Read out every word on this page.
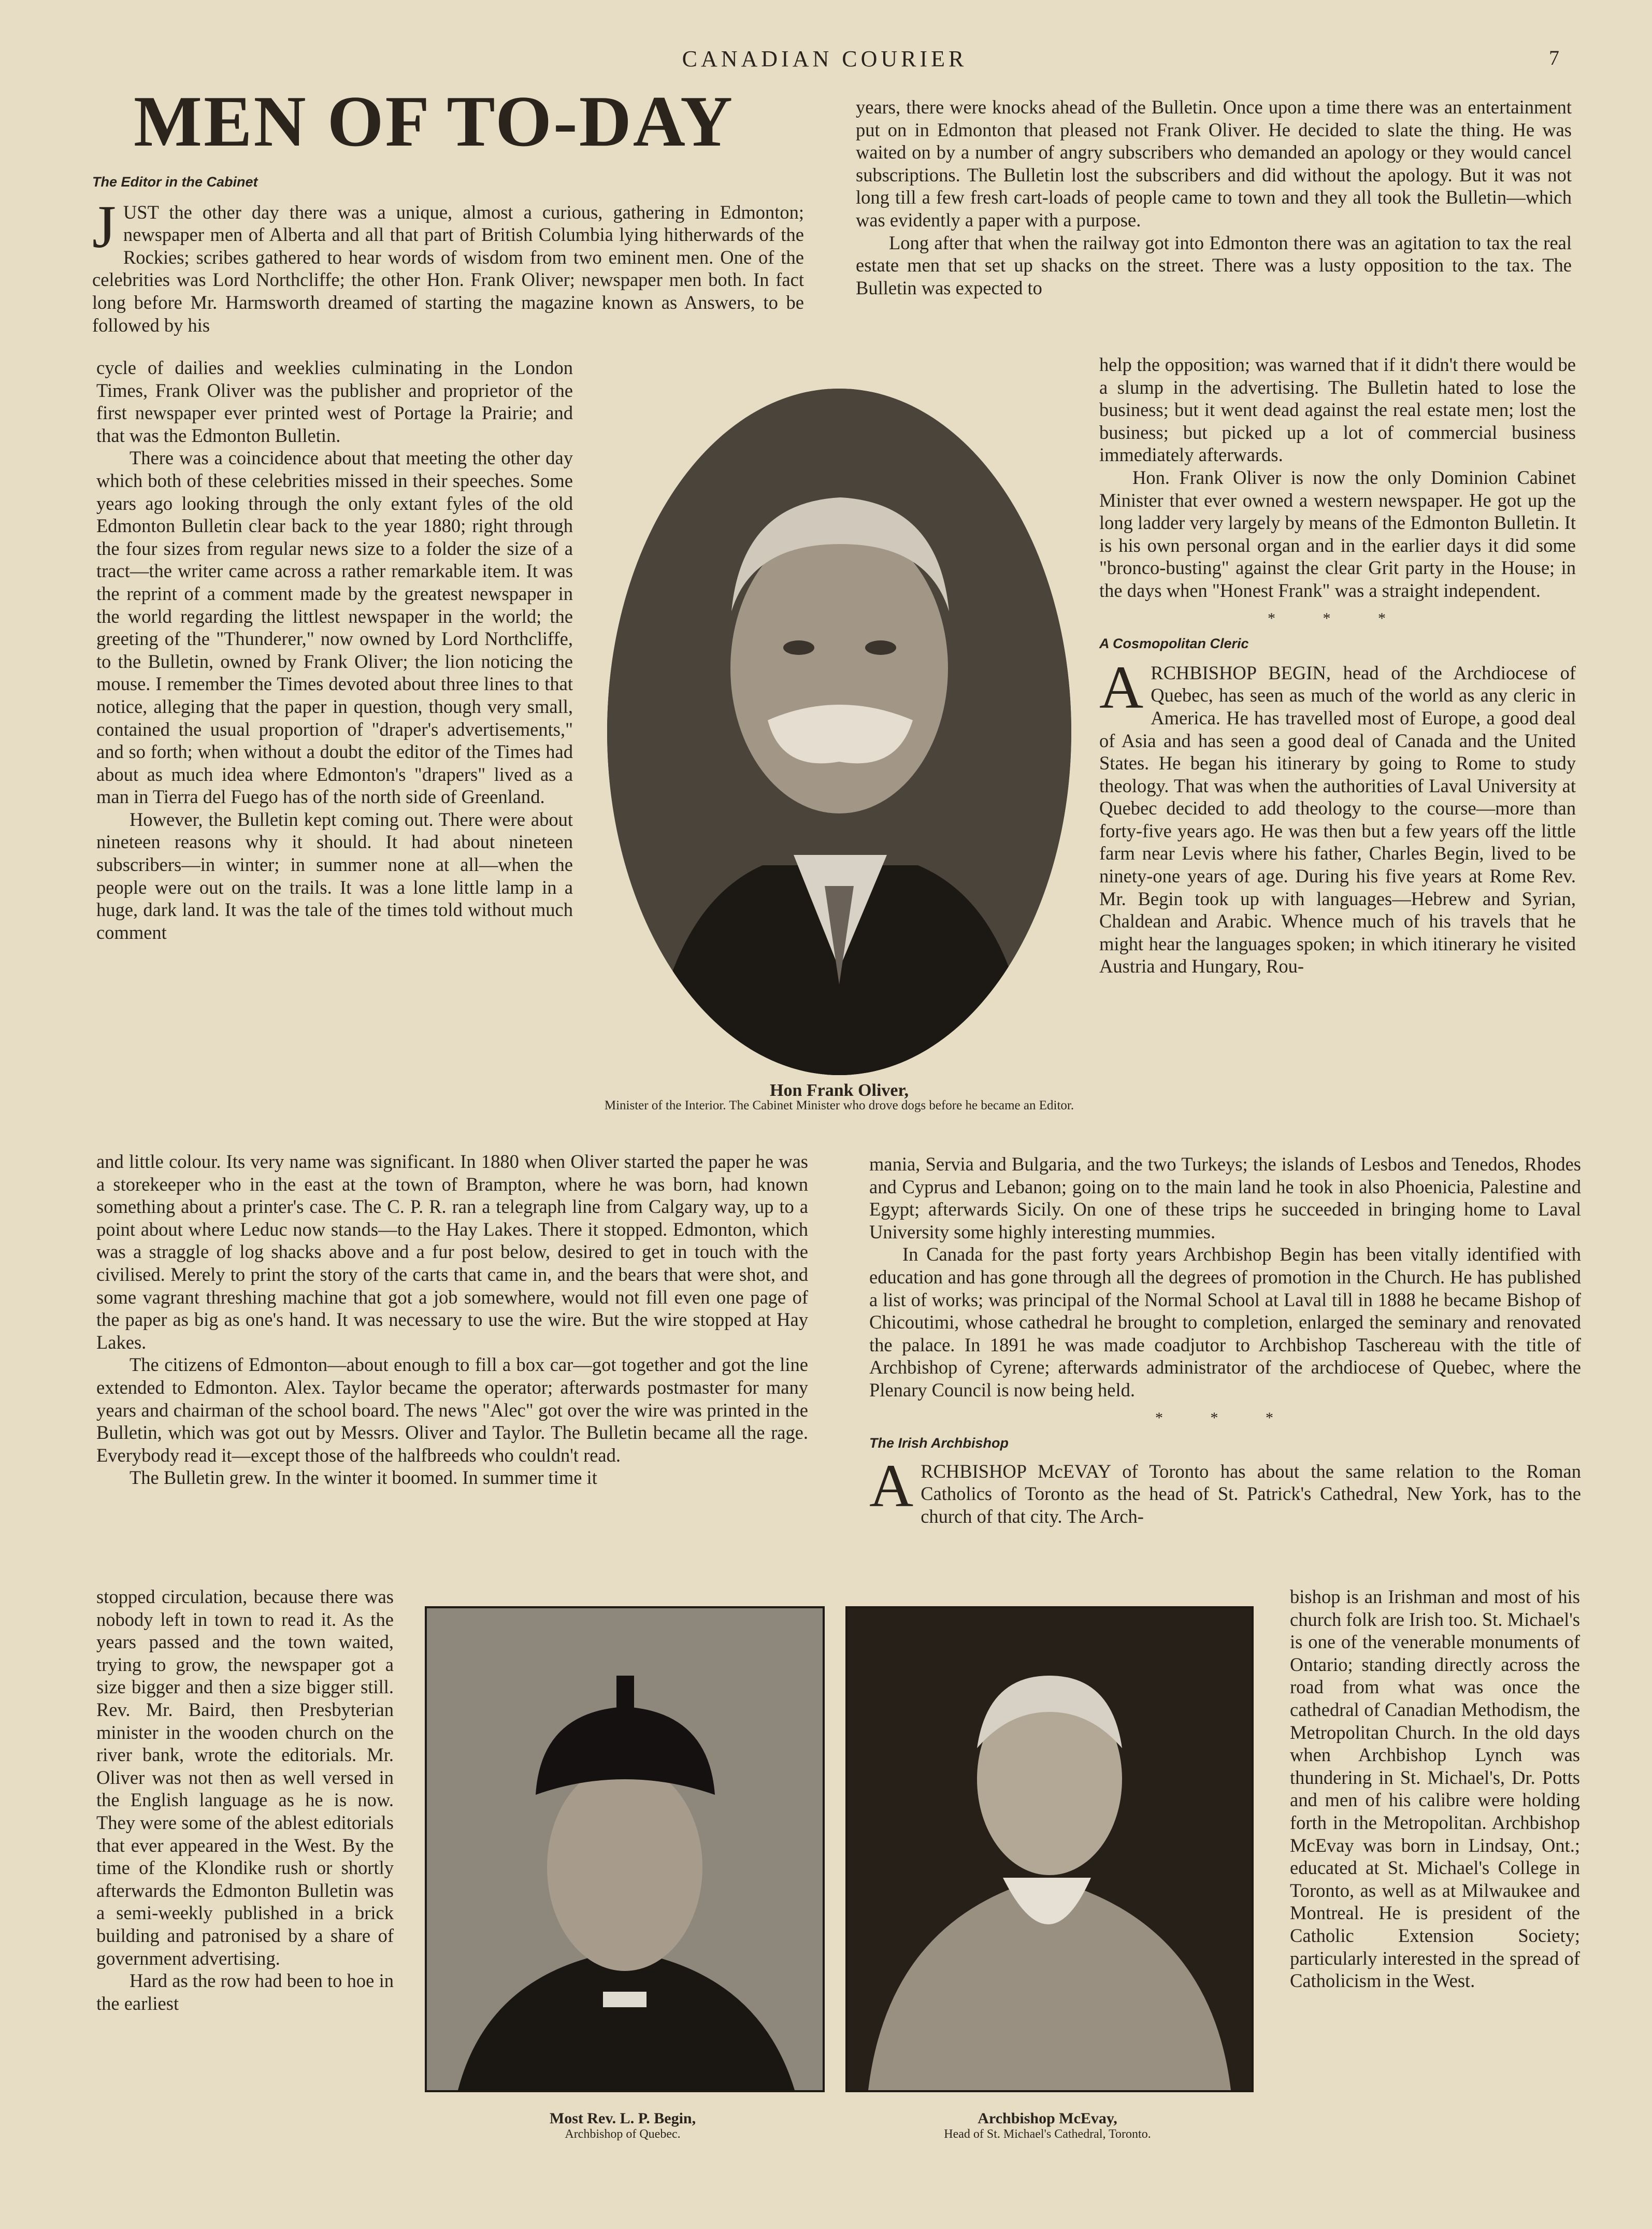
CANADIAN COURIER	7
MEN OF TO-DAY
The Editor in the Cabinet

JUST the other day there was a unique, almost a curious, gathering in Edmonton; newspaper men of Alberta and all that part of British Columbia lying hitherwards of the Rockies; scribes gathered to hear words of wisdom from two eminent men. One of the celebrities was Lord Northcliffe; the other Hon. Frank Oliver; newspaper men both. In fact long before Mr. Harmsworth dreamed of starting the magazine known as Answers, to be followed by his

cycle of dailies and weeklies culminating in the London Times, Frank Oliver was the publisher and proprietor of the first newspaper ever printed west of Portage la Prairie; and that was the Edmonton Bulletin.

There was a coincidence about that meeting the other day which both of these celebrities missed in their speeches. Some years ago looking through the only extant fyles of the old Edmonton Bulletin clear back to the year 1880; right through the four sizes from regular news size to a folder the size of a tract—the writer came across a rather remarkable item. It was the reprint of a comment made by the greatest newspaper in the world regarding the littlest newspaper in the world; the greeting of the "Thunderer," now owned by Lord Northcliffe, to the Bulletin, owned by Frank Oliver; the lion noticing the mouse. I remember the Times devoted about three lines to that notice, alleging that the paper in question, though very small, contained the usual proportion of "draper's advertisements," and so forth; when without a doubt the editor of the Times had about as much idea where Edmonton's "drapers" lived as a man in Tierra del Fuego has of the north side of Greenland.

However, the Bulletin kept coming out. There were about nineteen reasons why it should. It had about nineteen subscribers—in winter; in summer none at all—when the people were out on the trails. It was a lone little lamp in a huge, dark land. It was the tale of the times told without much comment

Hon Frank Oliver,
Minister of the Interior. The Cabinet Minister who drove dogs before he became an Editor.

and little colour. Its very name was significant. In 1880 when Oliver started the paper he was a storekeeper who in the east at the town of Brampton, where he was born, had known something about a printer's case. The C. P. R. ran a telegraph line from Calgary way, up to a point about where Leduc now stands—to the Hay Lakes. There it stopped. Edmonton, which was a straggle of log shacks above and a fur post below, desired to get in touch with the civilised. Merely to print the story of the carts that came in, and the bears that were shot, and some vagrant threshing machine that got a job somewhere, would not fill even one page of the paper as big as one's hand. It was necessary to use the wire. But the wire stopped at Hay Lakes.

The citizens of Edmonton—about enough to fill a box car—got together and got the line extended to Edmonton. Alex. Taylor became the operator; afterwards postmaster for many years and chairman of the school board. The news "Alec" got over the wire was printed in the Bulletin, which was got out by Messrs. Oliver and Taylor. The Bulletin became all the rage. Everybody read it—except those of the halfbreeds who couldn't read.

The Bulletin grew. In the winter it boomed. In summer time it

stopped circulation, because there was nobody left in town to read it. As the years passed and the town waited, trying to grow, the newspaper got a size bigger and then a size bigger still. Rev. Mr. Baird, then Presbyterian minister in the wooden church on the river bank, wrote the editorials. Mr. Oliver was not then as well versed in the English language as he is now. They were some of the ablest editorials that ever appeared in the West. By the time of the Klondike rush or shortly afterwards the Edmonton Bulletin was a semi-weekly published in a brick building and patronised by a share of government advertising.

Hard as the row had been to hoe in the earliest

Most Rev. L. P. Begin,
Archbishop of Quebec.
Archbishop McEvay,
Head of St. Michael's Cathedral, Toronto.

years, there were knocks ahead of the Bulletin. Once upon a time there was an entertainment put on in Edmonton that pleased not Frank Oliver. He decided to slate the thing. He was waited on by a number of angry subscribers who demanded an apology or they would cancel subscriptions. The Bulletin lost the subscribers and did without the apology. But it was not long till a few fresh cart-loads of people came to town and they all took the Bulletin—which was evidently a paper with a purpose.

Long after that when the railway got into Edmonton there was an agitation to tax the real estate men that set up shacks on the street. There was a lusty opposition to the tax. The Bulletin was expected to

help the opposition; was warned that if it didn't there would be a slump in the advertising. The Bulletin hated to lose the business; but it went dead against the real estate men; lost the business; but picked up a lot of commercial business immediately afterwards.

Hon. Frank Oliver is now the only Dominion Cabinet Minister that ever owned a western newspaper. He got up the long ladder very largely by means of the Edmonton Bulletin. It is his own personal organ and in the earlier days it did some "bronco-busting" against the clear Grit party in the House; in the days when "Honest Frank" was a straight independent.

* * *
A Cosmopolitan Cleric

ARCHBISHOP BEGIN, head of the Archdiocese of Quebec, has seen as much of the world as any cleric in America. He has travelled most of Europe, a good deal of Asia and has seen a good deal of Canada and the United States. He began his itinerary by going to Rome to study theology. That was when the authorities of Laval University at Quebec decided to add theology to the course—more than forty-five years ago. He was then but a few years off the little farm near Levis where his father, Charles Begin, lived to be ninety-one years of age. During his five years at Rome Rev. Mr. Begin took up with languages—Hebrew and Syrian, Chaldean and Arabic. Whence much of his travels that he might hear the languages spoken; in which itinerary he visited Austria and Hungary, Rou-

mania, Servia and Bulgaria, and the two Turkeys; the islands of Lesbos and Tenedos, Rhodes and Cyprus and Lebanon; going on to the main land he took in also Phoenicia, Palestine and Egypt; afterwards Sicily. On one of these trips he succeeded in bringing home to Laval University some highly interesting mummies.

In Canada for the past forty years Archbishop Begin has been vitally identified with education and has gone through all the degrees of promotion in the Church. He has published a list of works; was principal of the Normal School at Laval till in 1888 he became Bishop of Chicoutimi, whose cathedral he brought to completion, enlarged the seminary and renovated the palace. In 1891 he was made coadjutor to Archbishop Taschereau with the title of Archbishop of Cyrene; afterwards administrator of the archdiocese of Quebec, where the Plenary Council is now being held.

* * *
The Irish Archbishop

ARCHBISHOP McEVAY of Toronto has about the same relation to the Roman Catholics of Toronto as the head of St. Patrick's Cathedral, New York, has to the church of that city. The Arch-

bishop is an Irishman and most of his church folk are Irish too. St. Michael's is one of the venerable monuments of Ontario; standing directly across the road from what was once the cathedral of Canadian Methodism, the Metropolitan Church. In the old days when Archbishop Lynch was thundering in St. Michael's, Dr. Potts and men of his calibre were holding forth in the Metropolitan. Archbishop McEvay was born in Lindsay, Ont.; educated at St. Michael's College in Toronto, as well as at Milwaukee and Montreal. He is president of the Catholic Extension Society; particularly interested in the spread of Catholicism in the West.
